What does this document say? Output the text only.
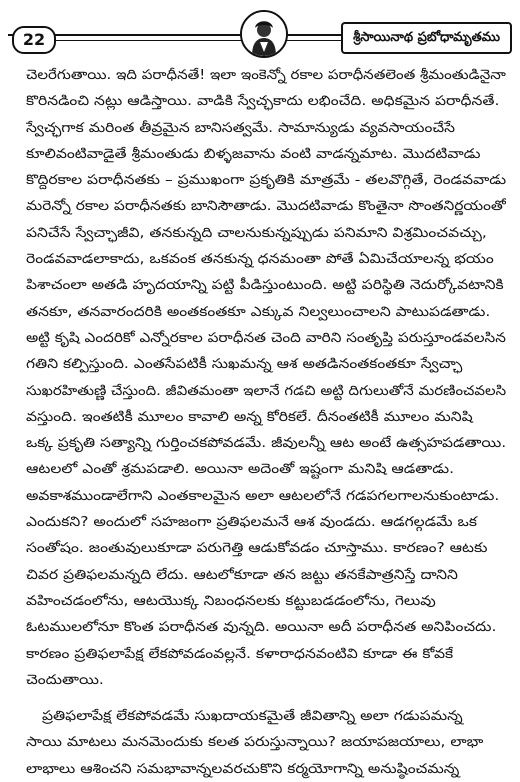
22	శ్రీసాయినాథ ప్రబోధామృతము
చెలరేగుతాయి. ఇది పరాధీనతే! ఇలా ఇంకెన్నో రకాల పరాధీనతలెంత శ్రీమంతుడినైనా
కొరినడించి నట్లు ఆడిస్తాయి. వాడికి స్వేచ్ఛకాదు లభించేది. అధికమైన పరాధీనతే.
స్వేచ్ఛగాక మరింత తీవ్రమైన బానిసత్వమే. సామాన్యుడు వ్యవసాయంచేసే
కూలివంటివాడైతే శ్రీమంతుడు బిళ్ళజవాను వంటి వాడన్నమాట. మొదటివాడు
కొద్దిరకాల పరాధీనతకు – ప్రముఖంగా ప్రకృతికి మాత్రమే - తలవొగ్గితే, రెండవవాడు
మరెన్నో రకాల పరాధీనతకు బానిసౌతాడు. మొదటివాడు కొంతైనా సొంతనిర్ణయంతో
పనిచేసే స్వేచ్ఛాజీవి, తనకున్నది చాలనుకున్నప్పుడు పనిమాని విశ్రమించవచ్చు,
రెండవవాడలాకాదు, ఒకవంక తనకున్న ధనమంతా పోతే ఏమిచేయాలన్న భయం
పిశాచంలా అతడి హృదయాన్ని పట్టి పీడిస్తుంటుంది. అట్టి పరిస్థితి నెదుర్కోవటానికి
తనకూ, తనవారందరికి అంతకంతకూ ఎక్కువ నిల్వలుంచాలని పాటుపడతాడు.
అట్టి కృషి ఎందరికో ఎన్నోరకాల పరాధీనత చెంది వారిని సంతృప్తి పరుస్తూండవలసిన
గతిని కల్పిస్తుంది. ఎంతసేపటికీ సుఖమన్న ఆశ అతడినంతకంతకూ స్వేచ్ఛా
సుఖరహితుణ్ణి చేస్తుంది. జీవితమంతా ఇలానే గడచి అట్టి దిగులుతోనే మరణించవలసి
వస్తుంది. ఇంతటికీ మూలం కావాలి అన్న కోరికలే. దీనంతటికీ మూలం మనిషి
ఒక్క ప్రకృతి సత్యాన్ని గుర్తించకపోవడమే. జీవులన్నీ ఆట అంటే ఉత్సహపడతాయి.
ఆటలలో ఎంతో శ్రమపడాలి. అయినా అదెంతో ఇష్టంగా మనిషి ఆడతాడు.
అవకాశముండాలేగాని ఎంతకాలమైన అలా ఆటలలోనే గడపగలగాలనుకుంటాడు.
ఎందుకని? అందులో సహజంగా ప్రతిఫలమనే ఆశ వుండదు. ఆడగల్గడమే ఒక
సంతోషం. జంతువులుకూడా పరుగెత్తి ఆడుకోవడం చూస్తాము. కారణం? ఆటకు
చివర ప్రతిఫలమన్నది లేదు. ఆటలోకూడా తన జట్టు తనకేపాత్రనిస్తే దానిని
వహించడంలోను, ఆటయొక్క నిబంధనలకు కట్టుబడడంలోను, గెలువు
ఓటములలోనూ కొంత పరాధీనత వున్నది. అయినా అదీ పరాధీనత అనిపించదు.
కారణం ప్రతిఫలాపేక్ష లేకపోవడంవల్లనే. కళారాధనవంటివి కూడా ఈ కోవకే
చెందుతాయి.
ప్రతిఫలాపేక్ష లేకపోవడమే సుఖదాయకమైతే జీవితాన్ని అలా గడుపమన్న
సాయి మాటలు మనమెందుకు కలత పరుస్తున్నాయి? జయాపజయాలు, లాభా
లాభాలు ఆశించని సమభావాన్నలవరచుకొని కర్మయోగాన్ని అనుష్ఠించమన్న
